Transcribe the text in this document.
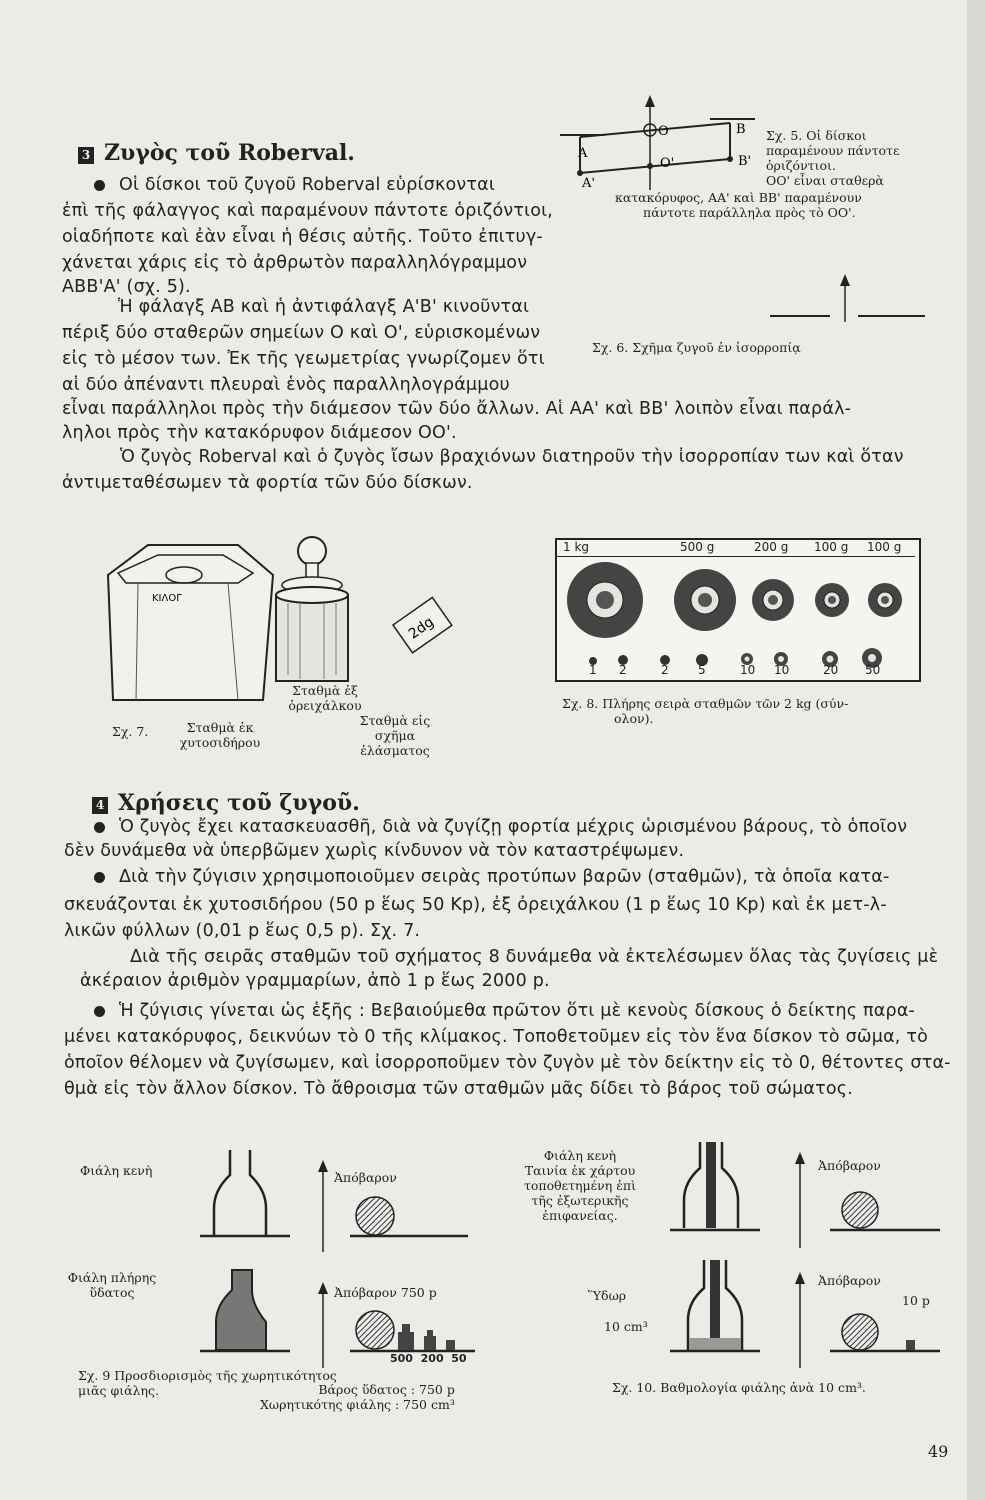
3 Ζυγὸς τοῦ Roberval.
Οἱ δίσκοι τοῦ ζυγοῦ Roberval εὑρίσκονται
ἐπὶ τῆς φάλαγγος καὶ παραμένουν πάντοτε ὁριζόντιοι,
οἱαδήποτε καὶ ἐὰν εἶναι ἡ θέσις αὐτῆς. Τοῦτο ἐπιτυγ-
χάνεται χάρις εἰς τὸ ἀρθρωτὸν παραλληλόγραμμον
ΑΒΒ'Α' (σχ. 5).
Ἡ φάλαγξ ΑΒ καὶ ἡ ἀντιφάλαγξ Α'Β' κινοῦνται
πέριξ δύο σταθερῶν σημείων Ο καὶ Ο', εὑρισκομένων
εἰς τὸ μέσον των. Ἐκ τῆς γεωμετρίας γνωρίζομεν ὅτι
αἱ δύο ἀπέναντι πλευραὶ ἑνὸς παραλληλογράμμου
εἶναι παράλληλοι πρὸς τὴν διάμεσον τῶν δύο ἄλλων. Αἱ ΑΑ' καὶ ΒΒ' λοιπὸν εἶναι παράλ-
ληλοι πρὸς τὴν κατακόρυφον διάμεσον ΟΟ'.
Ὁ ζυγὸς Roberval καὶ ὁ ζυγὸς ἴσων βραχιόνων διατηροῦν τὴν ἰσορροπίαν των καὶ ὅταν
ἀντιμεταθέσωμεν τὰ φορτία τῶν δύο δίσκων.
A
A'
B
B'
O
O'
Σχ. 5. Οἱ δίσκοι
παραμένουν πάντοτε
ὁριζόντιοι.
ΟΟ' εἶναι σταθερὰ
κατακόρυφος, ΑΑ' καὶ ΒΒ' παραμένουν
πάντοτε παράλληλα πρὸς τὸ ΟΟ'.
Σχ. 6. Σχῆμα ζυγοῦ ἐν ἰσορροπίᾳ
ΚΙΛΟΓ
2dg
Σταθμὰ ἐξ ὀρειχάλκου
Σχ. 7.	Σταθμὰ ἐκ χυτοσιδήρου
Σταθμὰ εἰς σχῆμα ἐλάσματος
1 kg	500 g	200 g 100 g 100 g
1 2	2 5	10 10	20 50
Σχ. 8. Πλήρης σειρὰ σταθμῶν τῶν 2 kg (σύν-
ολον).
4 Χρήσεις τοῦ ζυγοῦ.
Ὁ ζυγὸς ἔχει κατασκευασθῆ, διὰ νὰ ζυγίζῃ φορτία μέχρις ὡρισμένου βάρους, τὸ ὁποῖον
δὲν δυνάμεθα νὰ ὑπερβῶμεν χωρὶς κίνδυνον νὰ τὸν καταστρέψωμεν.
Διὰ τὴν ζύγισιν χρησιμοποιοῦμεν σειρὰς προτύπων βαρῶν (σταθμῶν), τὰ ὁποῖα κατα-
σκευάζονται ἐκ χυτοσιδήρου (50 p ἕως 50 Kp), ἐξ ὀρειχάλκου (1 p ἕως 10 Kp) καὶ ἐκ μετ-λ-
λικῶν φύλλων (0,01 p ἕως 0,5 p). Σχ. 7.
Διὰ τῆς σειρᾶς σταθμῶν τοῦ σχήματος 8 δυνάμεθα νὰ ἐκτελέσωμεν ὅλας τὰς ζυγίσεις μὲ
ἀκέραιον ἀριθμὸν γραμμαρίων, ἀπὸ 1 p ἕως 2000 p.
Ἡ ζύγισις γίνεται ὡς ἑξῆς : Βεβαιούμεθα πρῶτον ὅτι μὲ κενοὺς δίσκους ὁ δείκτης παρα-
μένει κατακόρυφος, δεικνύων τὸ 0 τῆς κλίμακος. Τοποθετοῦμεν εἰς τὸν ἕνα δίσκον τὸ σῶμα, τὸ
ὁποῖον θέλομεν νὰ ζυγίσωμεν, καὶ ἰσορροποῦμεν τὸν ζυγὸν μὲ τὸν δείκτην εἰς τὸ 0, θέτοντες στα-
θμὰ εἰς τὸν ἄλλον δίσκον. Τὸ ἄθροισμα τῶν σταθμῶν μᾶς δίδει τὸ βάρος τοῦ σώματος.
Φιάλη κενὴ
Φιάλη πλήρης
ὕδατος
Ἀπόβαρον
Ἀπόβαρον 750 p
500 200 50
Σχ. 9 Προσδιορισμὸς τῆς χωρητικότητος
μιᾶς φιάλης.	Βάρος ὕδατος : 750 p
Χωρητικότης φιάλης : 750 cm³
Φιάλη κενὴ
Ταινία ἐκ χάρτου
τοποθετημένη ἐπὶ
τῆς ἐξωτερικῆς
ἐπιφανείας.
Ἀπόβαρον
Ἀπόβαρον
Ὕδωρ
10 cm³
10 p
Σχ. 10. Βαθμολογία φιάλης ἀνὰ 10 cm³.
49
